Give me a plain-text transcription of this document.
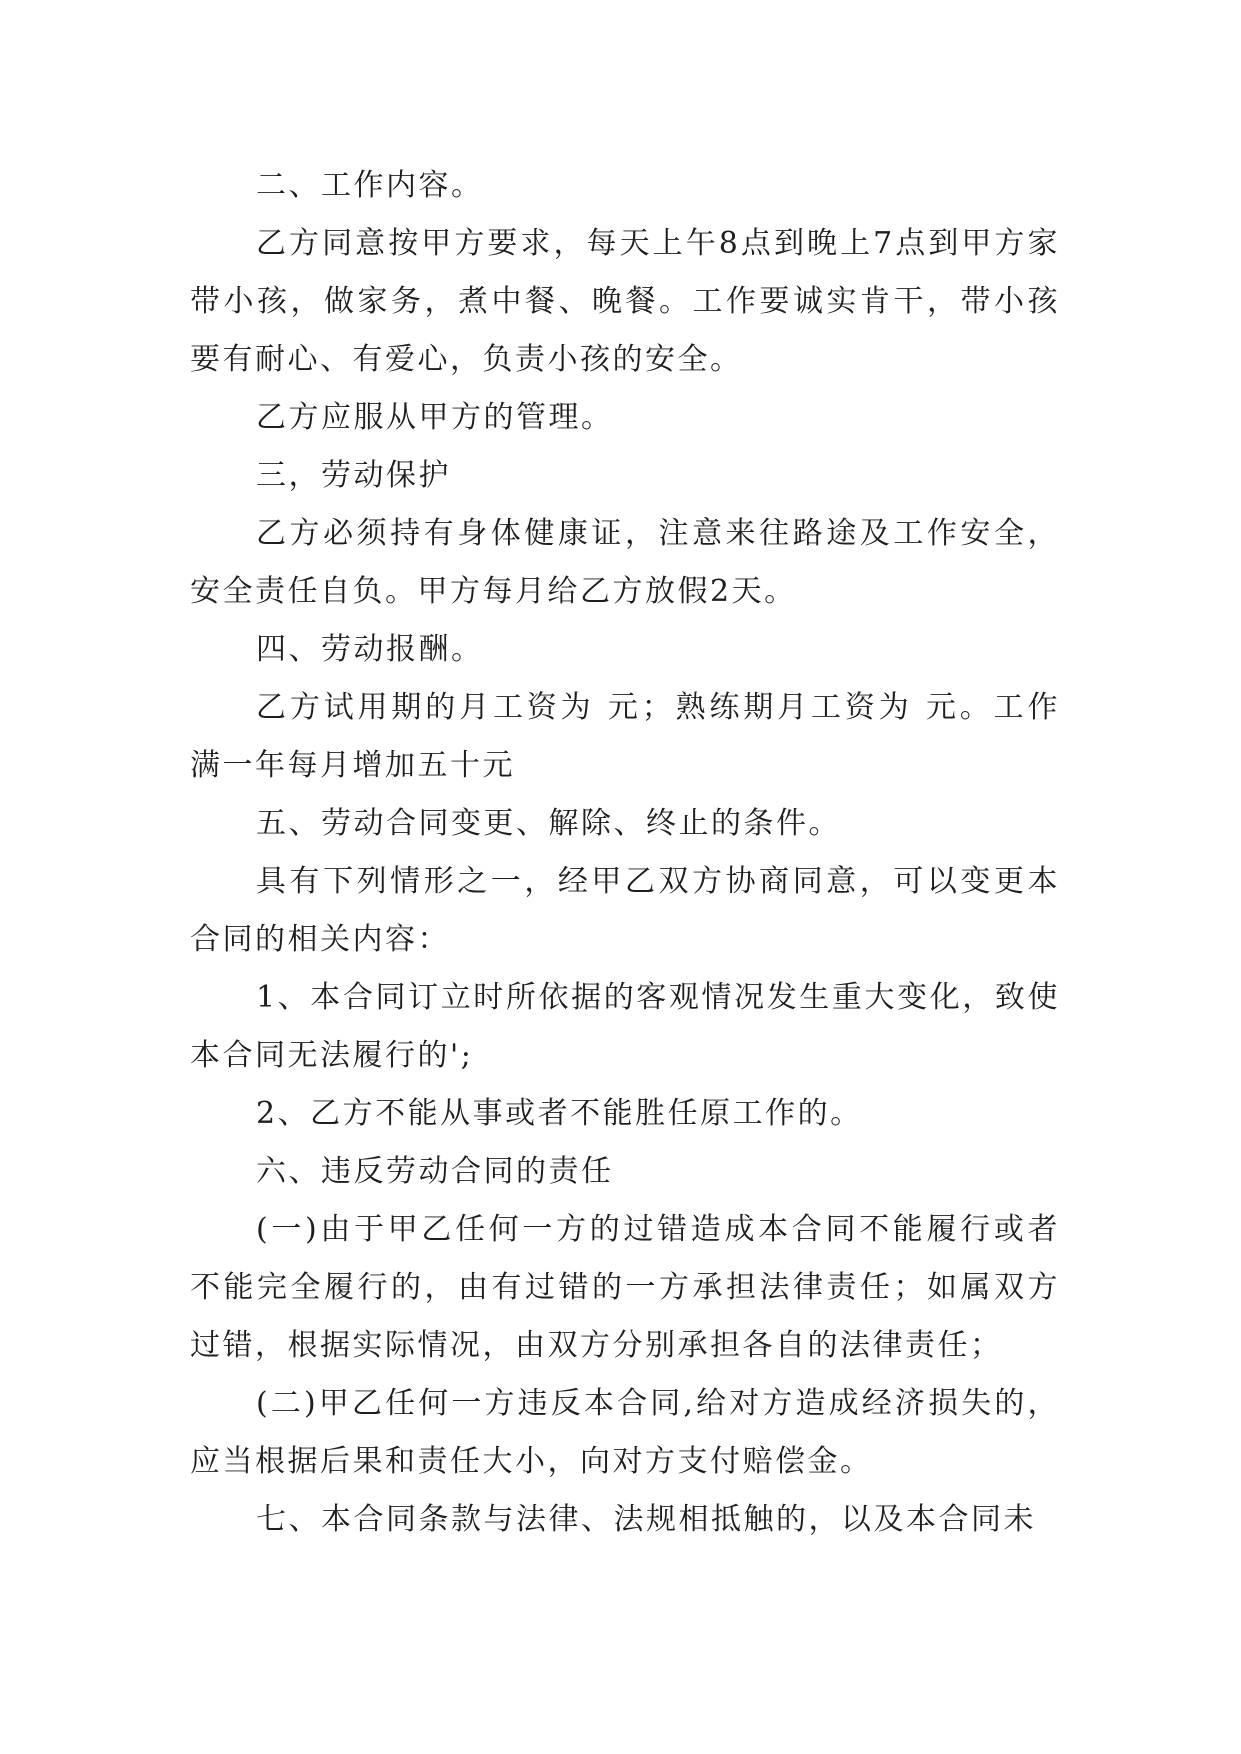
二、工作内容。

乙方同意按甲方要求，每天上午8点到晚上7点到甲方家带小孩，做家务，煮中餐、晚餐。工作要诚实肯干，带小孩要有耐心、有爱心，负责小孩的安全。

乙方应服从甲方的管理。

三，劳动保护

乙方必须持有身体健康证，注意来往路途及工作安全，安全责任自负。甲方每月给乙方放假2天。

四、劳动报酬。

乙方试用期的月工资为 元；熟练期月工资为 元。工作满一年每月增加五十元

五、劳动合同变更、解除、终止的条件。

具有下列情形之一，经甲乙双方协商同意，可以变更本合同的相关内容：

1、本合同订立时所依据的客观情况发生重大变化，致使本合同无法履行的';

2、乙方不能从事或者不能胜任原工作的。

六、违反劳动合同的责任

(一)由于甲乙任何一方的过错造成本合同不能履行或者不能完全履行的，由有过错的一方承担法律责任；如属双方过错，根据实际情况，由双方分别承担各自的法律责任；

(二)甲乙任何一方违反本合同,给对方造成经济损失的，应当根据后果和责任大小，向对方支付赔偿金。

七、本合同条款与法律、法规相抵触的，以及本合同未
